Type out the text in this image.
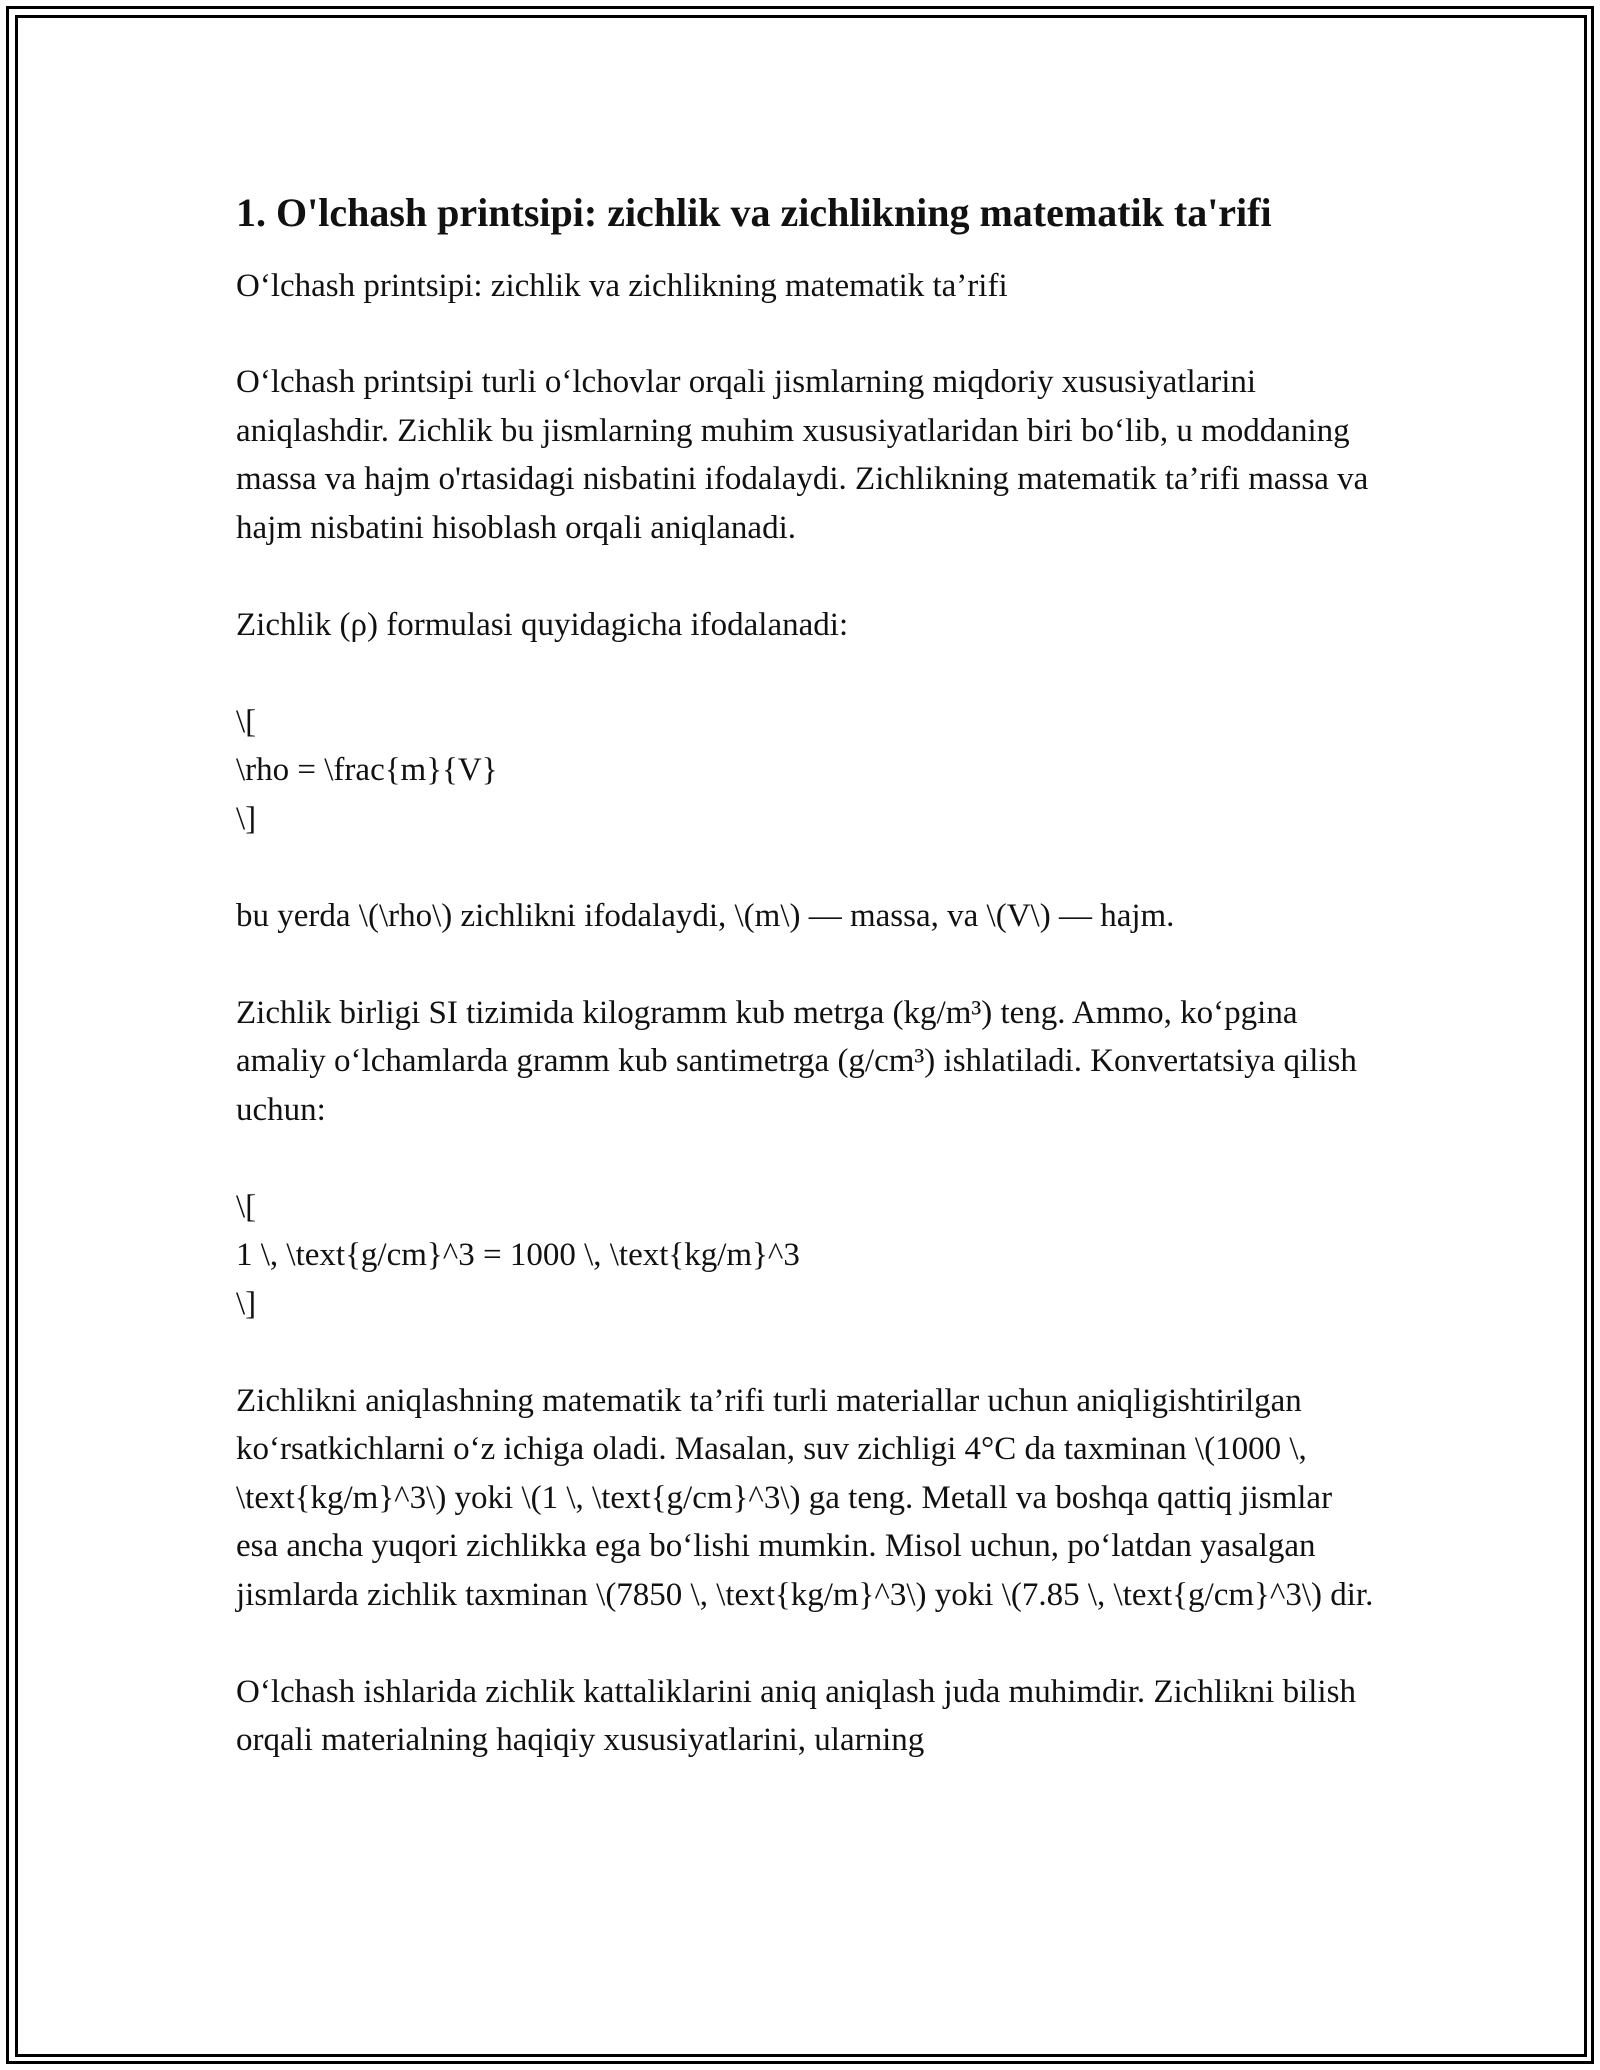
1. O'lchash printsipi: zichlik va zichlikning matematik ta'rifi

O‘lchash printsipi: zichlik va zichlikning matematik ta’rifi

O‘lchash printsipi turli o‘lchovlar orqali jismlarning miqdoriy xususiyatlarini aniqlashdir. Zichlik bu jismlarning muhim xususiyatlaridan biri bo‘lib, u moddaning massa va hajm o'rtasidagi nisbatini ifodalaydi. Zichlikning matematik ta’rifi massa va hajm nisbatini hisoblash orqali aniqlanadi.

Zichlik (ρ) formulasi quyidagicha ifodalanadi:

\[

\rho = \frac{m}{V}

\]

bu yerda \(\rho\) zichlikni ifodalaydi, \(m\) — massa, va \(V\) — hajm.

Zichlik birligi SI tizimida kilogramm kub metrga (kg/m³) teng. Ammo, ko‘pgina amaliy o‘lchamlarda gramm kub santimetrga (g/cm³) ishlatiladi. Konvertatsiya qilish uchun:

\[

1 \, \text{g/cm}^3 = 1000 \, \text{kg/m}^3

\]

Zichlikni aniqlashning matematik ta’rifi turli materiallar uchun aniqligishtirilgan ko‘rsatkichlarni o‘z ichiga oladi. Masalan, suv zichligi 4°C da taxminan \(1000 \, \text{kg/m}^3\) yoki \(1 \, \text{g/cm}^3\) ga teng. Metall va boshqa qattiq jismlar esa ancha yuqori zichlikka ega bo‘lishi mumkin. Misol uchun, po‘latdan yasalgan jismlarda zichlik taxminan \(7850 \, \text{kg/m}^3\) yoki \(7.85 \, \text{g/cm}^3\) dir.

O‘lchash ishlarida zichlik kattaliklarini aniq aniqlash juda muhimdir. Zichlikni bilish orqali materialning haqiqiy xususiyatlarini, ularning
